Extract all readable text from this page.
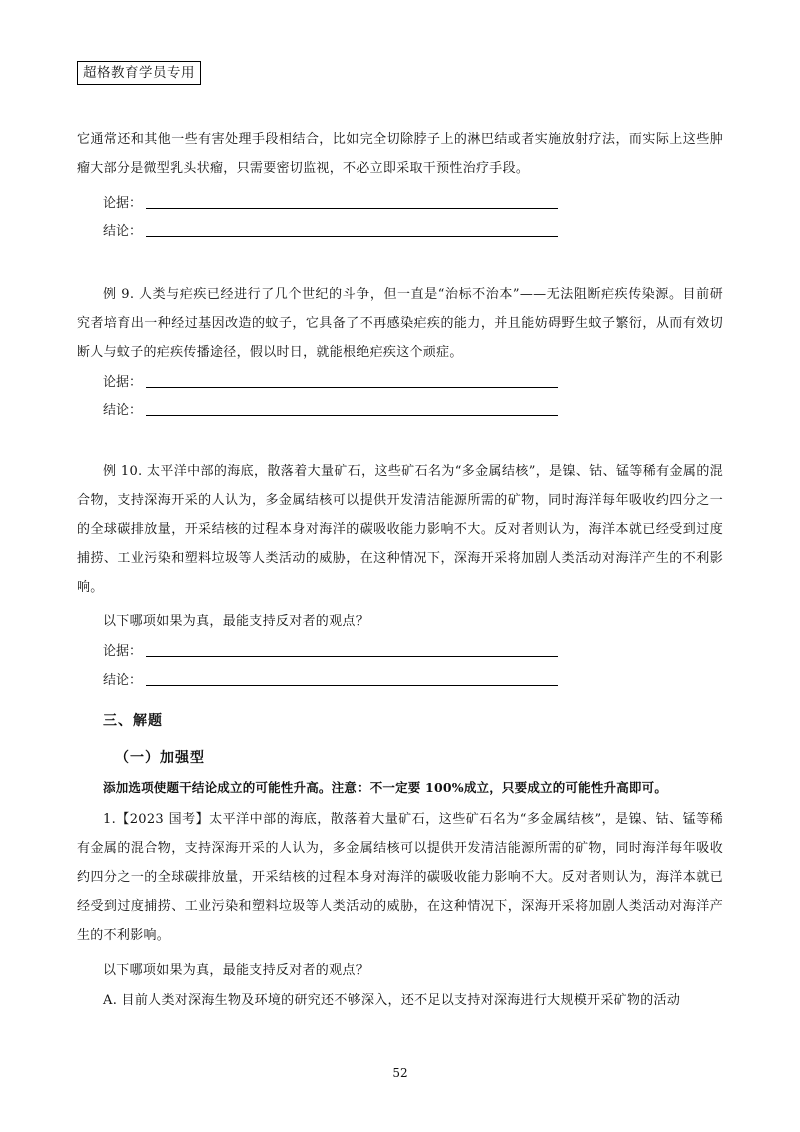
超格教育学员专用

它通常还和其他一些有害处理手段相结合，比如完全切除脖子上的淋巴结或者实施放射疗法，而实际上这些肿瘤大部分是微型乳头状瘤，只需要密切监视，不必立即采取干预性治疗手段。

论据：
结论：

例 9. 人类与疟疾已经进行了几个世纪的斗争，但一直是“治标不治本”——无法阻断疟疾传染源。目前研究者培育出一种经过基因改造的蚊子，它具备了不再感染疟疾的能力，并且能妨碍野生蚊子繁衍，从而有效切断人与蚊子的疟疾传播途径，假以时日，就能根绝疟疾这个顽症。

论据：
结论：

例 10. 太平洋中部的海底，散落着大量矿石，这些矿石名为“多金属结核”，是镍、钴、锰等稀有金属的混合物，支持深海开采的人认为，多金属结核可以提供开发清洁能源所需的矿物，同时海洋每年吸收约四分之一的全球碳排放量，开采结核的过程本身对海洋的碳吸收能力影响不大。反对者则认为，海洋本就已经受到过度捕捞、工业污染和塑料垃圾等人类活动的威胁，在这种情况下，深海开采将加剧人类活动对海洋产生的不利影响。

以下哪项如果为真，最能支持反对者的观点？

论据：
结论：
三、解题
（一）加强型
添加选项使题干结论成立的可能性升高。注意：不一定要 100%成立，只要成立的可能性升高即可。

1.【2023 国考】太平洋中部的海底，散落着大量矿石，这些矿石名为“多金属结核”，是镍、钴、锰等稀有金属的混合物，支持深海开采的人认为，多金属结核可以提供开发清洁能源所需的矿物，同时海洋每年吸收约四分之一的全球碳排放量，开采结核的过程本身对海洋的碳吸收能力影响不大。反对者则认为，海洋本就已经受到过度捕捞、工业污染和塑料垃圾等人类活动的威胁，在这种情况下，深海开采将加剧人类活动对海洋产生的不利影响。

以下哪项如果为真，最能支持反对者的观点？

A. 目前人类对深海生物及环境的研究还不够深入，还不足以支持对深海进行大规模开采矿物的活动

52
